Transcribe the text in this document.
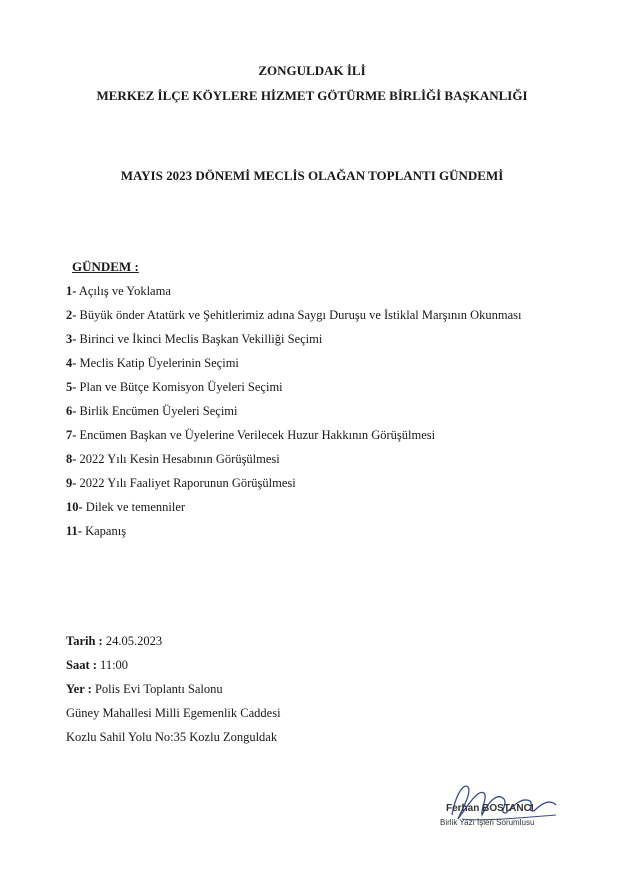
ZONGULDAK İLİ
MERKEZ İLÇE KÖYLERE HİZMET GÖTÜRME BİRLİĞİ BAŞKANLIĞI
MAYIS 2023 DÖNEMİ MECLİS OLAĞAN TOPLANTI GÜNDEMİ
GÜNDEM :
1- Açılış ve Yoklama
2- Büyük önder Atatürk ve Şehitlerimiz adına Saygı Duruşu ve İstiklal Marşının Okunması
3- Birinci ve İkinci Meclis Başkan Vekilliği Seçimi
4- Meclis Katip Üyelerinin Seçimi
5- Plan ve Bütçe Komisyon Üyeleri Seçimi
6- Birlik Encümen Üyeleri Seçimi
7- Encümen Başkan ve Üyelerine Verilecek Huzur Hakkının Görüşülmesi
8- 2022 Yılı Kesin Hesabının Görüşülmesi
9- 2022 Yılı Faaliyet Raporunun Görüşülmesi
10- Dilek ve temenniler
11- Kapanış
Tarih : 24.05.2023
Saat : 11:00
Yer : Polis Evi Toplantı Salonu
Güney Mahallesi Milli Egemenlik Caddesi
Kozlu Sahil Yolu No:35 Kozlu Zonguldak
Ferhan BOSTANCI
Birlik Yazı İşleri Sorumlusu
